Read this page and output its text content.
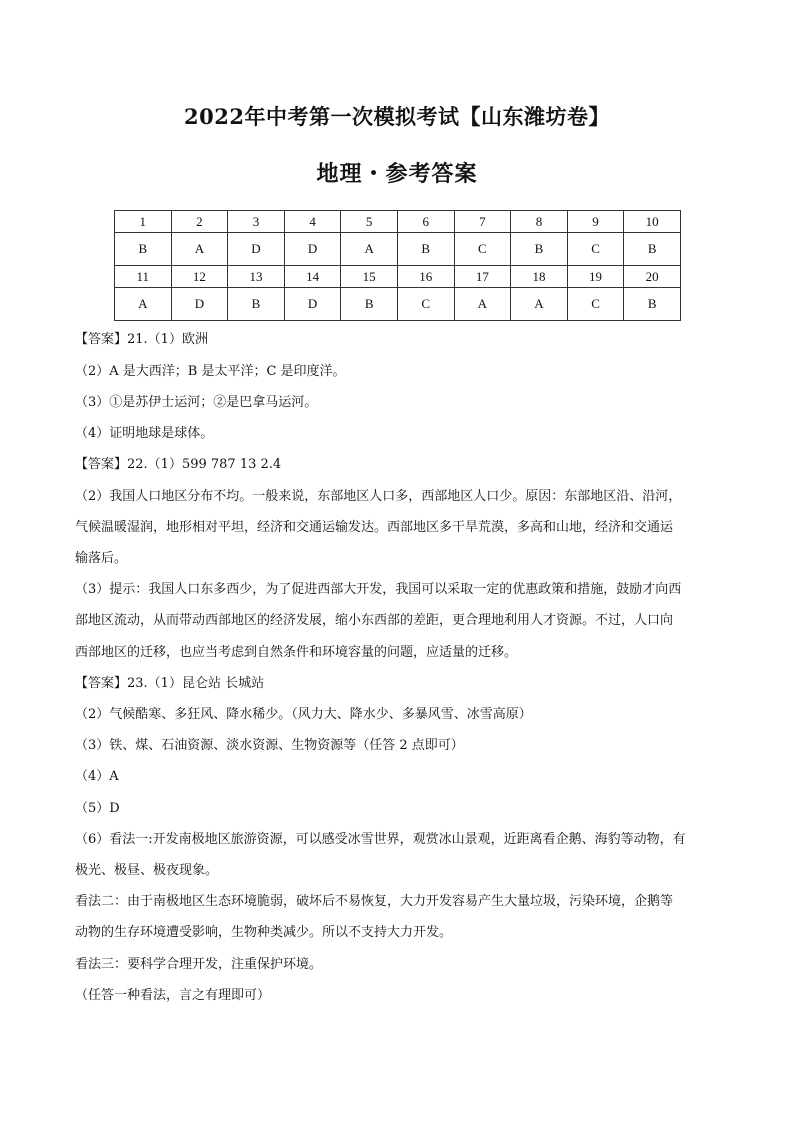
2022年中考第一次模拟考试【山东潍坊卷】
地理・参考答案
1	2	3	4	5	6	7	8	9	10
B	A	D	D	A	B	C	B	C	B
11	12	13	14	15	16	17	18	19	20
A	D	B	D	B	C	A	A	C	B
【答案】21.（1）欧洲
（2）A 是大西洋；B 是太平洋；C 是印度洋。
（3）①是苏伊士运河；②是巴拿马运河。
（4）证明地球是球体。
【答案】22.（1）599 787 13 2.4
（2）我国人口地区分布不均。一般来说，东部地区人口多，西部地区人口少。原因：东部地区沿、沿河，
气候温暖湿润，地形相对平坦，经济和交通运输发达。西部地区多干旱荒漠，多高和山地，经济和交通运
输落后。
（3）提示：我国人口东多西少，为了促进西部大开发，我国可以采取一定的优惠政策和措施，鼓励才向西
部地区流动，从而带动西部地区的经济发展，缩小东西部的差距，更合理地利用人才资源。不过，人口向
西部地区的迁移，也应当考虑到自然条件和环境容量的问题，应适量的迁移。
【答案】23.（1）昆仑站 长城站
（2）气候酷寒、多狂风、降水稀少。（风力大、降水少、多暴风雪、冰雪高原）
（3）铁、煤、石油资源、淡水资源、生物资源等（任答 2 点即可）
（4）A
（5）D
（6）看法一:开发南极地区旅游资源，可以感受冰雪世界，观赏冰山景观，近距离看企鹅、海豹等动物，有
极光、极昼、极夜现象。
看法二：由于南极地区生态环境脆弱，破坏后不易恢复，大力开发容易产生大量垃圾，污染环境，企鹅等
动物的生存环境遭受影响，生物种类减少。所以不支持大力开发。
看法三：要科学合理开发，注重保护环境。
（任答一种看法，言之有理即可）
